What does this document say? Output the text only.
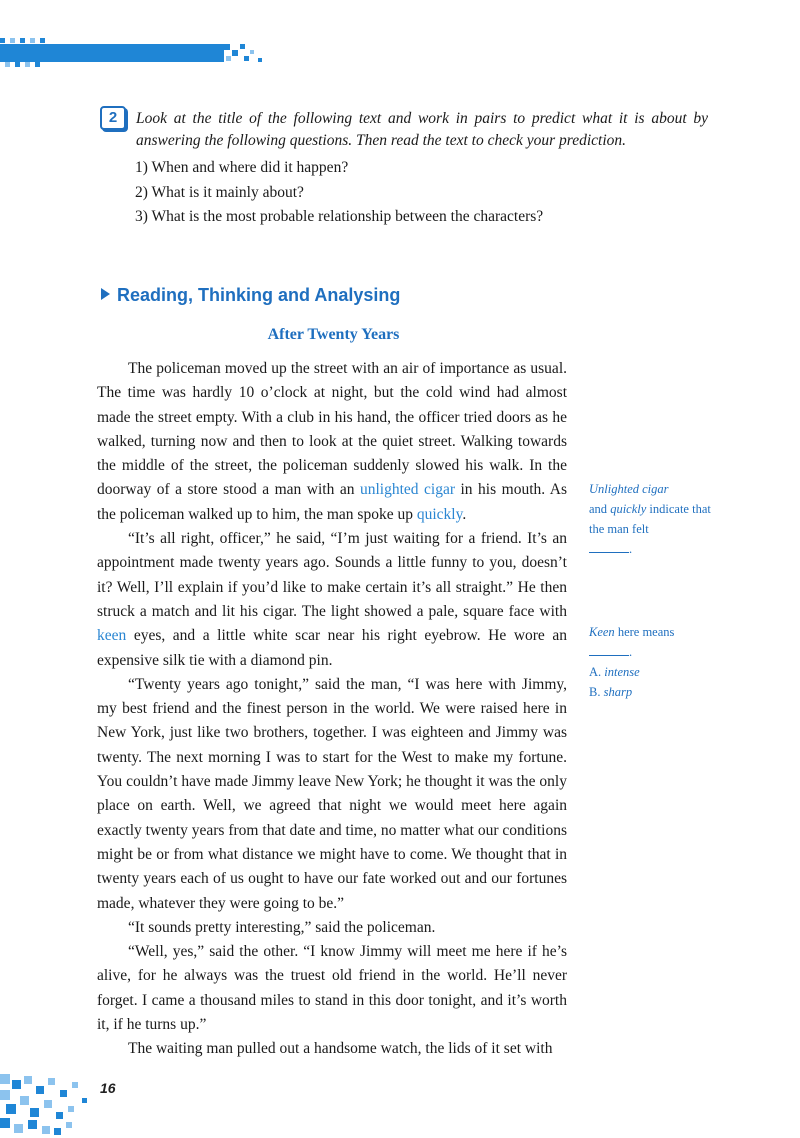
2	Look at the title of the following text and work in pairs to predict what it is about by answering the following questions. Then read the text to check your prediction.
1) When and where did it happen?
2) What is it mainly about?
3) What is the most probable relationship between the characters?
Reading, Thinking and Analysing
After Twenty Years

The policeman moved up the street with an air of importance as usual. The time was hardly 10 o’clock at night, but the cold wind had almost made the street empty. With a club in his hand, the officer tried doors as he walked, turning now and then to look at the quiet street. Walking towards the middle of the street, the policeman suddenly slowed his walk. In the doorway of a store stood a man with an unlighted cigar in his mouth. As the policeman walked up to him, the man spoke up quickly.

“It’s all right, officer,” he said, “I’m just waiting for a friend. It’s an appointment made twenty years ago. Sounds a little funny to you, doesn’t it? Well, I’ll explain if you’d like to make certain it’s all straight.” He then struck a match and lit his cigar. The light showed a pale, square face with keen eyes, and a little white scar near his right eyebrow. He wore an expensive silk tie with a diamond pin.

“Twenty years ago tonight,” said the man, “I was here with Jimmy, my best friend and the finest person in the world. We were raised here in New York, just like two brothers, together. I was eighteen and Jimmy was twenty. The next morning I was to start for the West to make my fortune. You couldn’t have made Jimmy leave New York; he thought it was the only place on earth. Well, we agreed that night we would meet here again exactly twenty years from that date and time, no matter what our conditions might be or from what distance we might have to come. We thought that in twenty years each of us ought to have our fate worked out and our fortunes made, whatever they were going to be.”

“It sounds pretty interesting,” said the policeman.

“Well, yes,” said the other. “I know Jimmy will meet me here if he’s alive, for he always was the truest old friend in the world. He’ll never forget. I came a thousand miles to stand in this door tonight, and it’s worth it, if he turns up.”

The waiting man pulled out a handsome watch, the lids of it set with

Unlighted cigar
and quickly indicate that the man felt
.
Keen here means
.
A. intense
B. sharp
16
